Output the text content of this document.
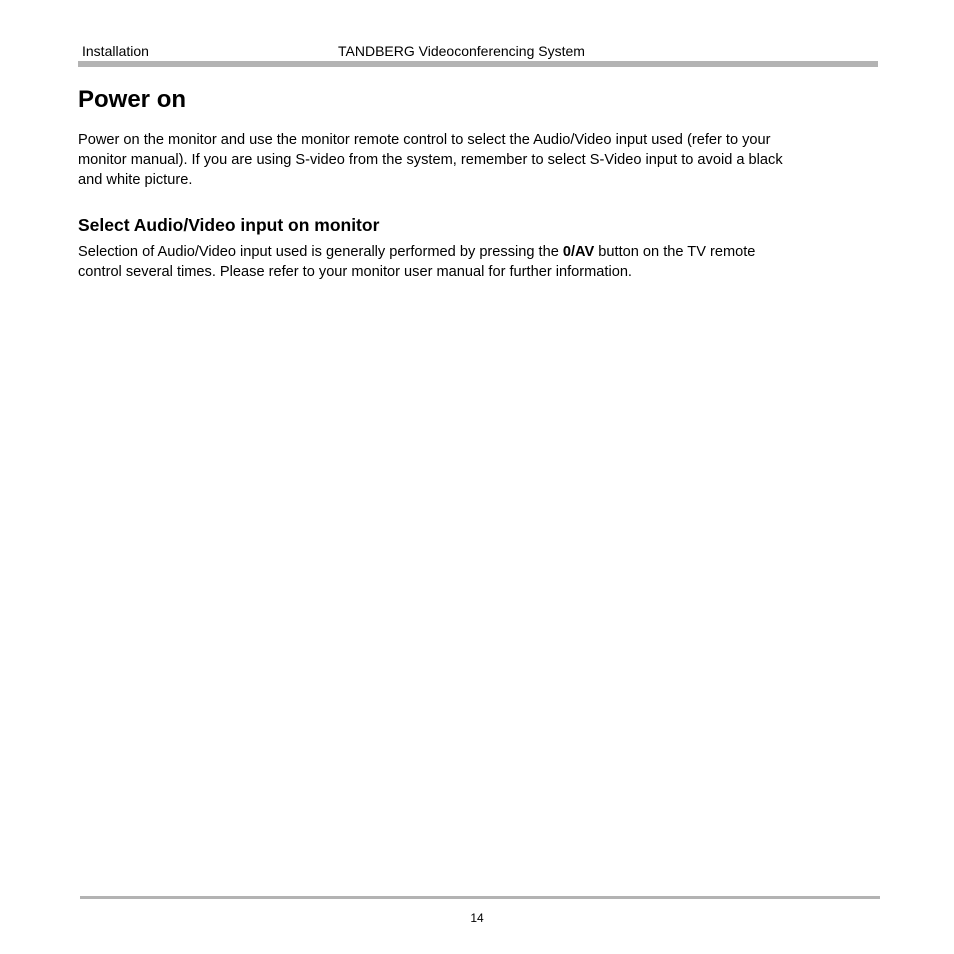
Installation	TANDBERG Videoconferencing System
Power on

Power on the monitor and use the monitor remote control to select the Audio/Video input used (refer to your
monitor manual). If you are using S-video from the system, remember to select S-Video input to avoid a black
and white picture.

Select Audio/Video input on monitor

Selection of Audio/Video input used is generally performed by pressing the 0/AV button on the TV remote
control several times. Please refer to your monitor user manual for further information.

14
